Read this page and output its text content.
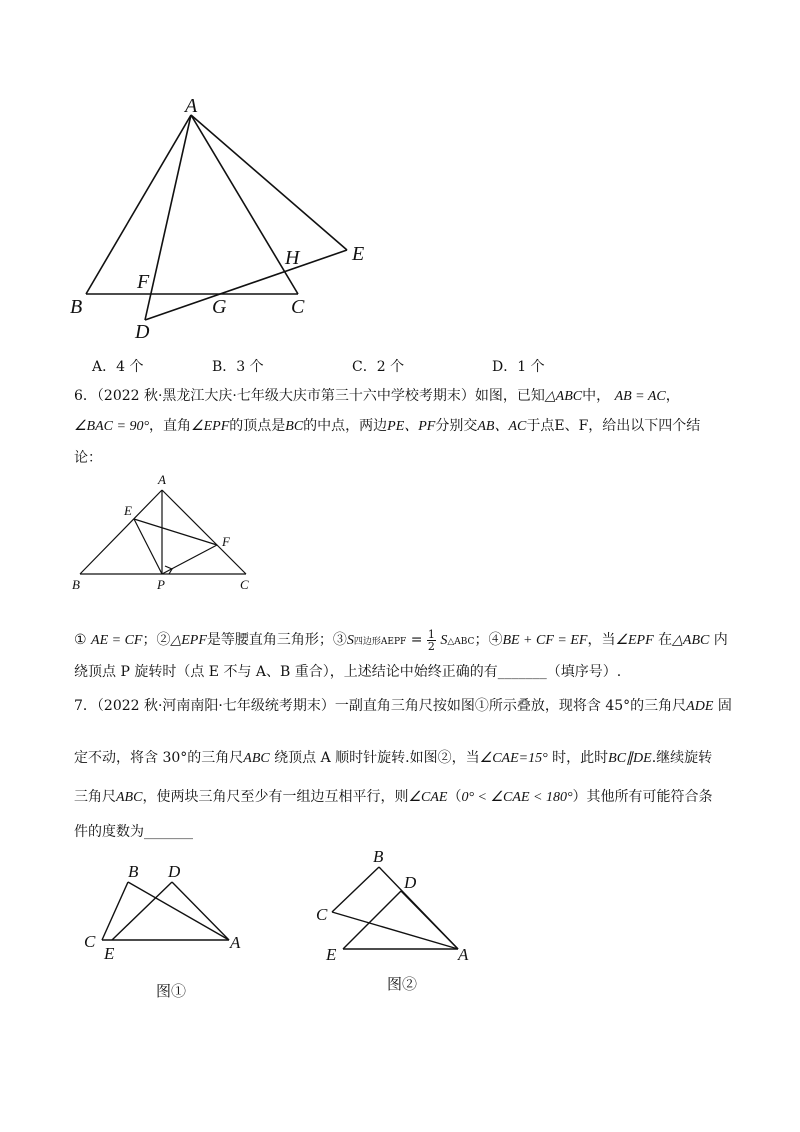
A
B	C
D
E
F
G
H
A．4 个	B．3 个	C．2 个	D．1 个
6．（2022 秋·黑龙江大庆·七年级大庆市第三十六中学校考期末）如图，已知△ABC中， AB = AC，
∠BAC = 90°，直角∠EPF的顶点是BC的中点，两边PE、PF分别交AB、AC于点E、F，给出以下四个结
论：
A
B	C
E
F
P
① AE = CF；②△EPF是等腰直角三角形；③S四边形AEPF = $\frac{1}{2}$ S△ABC；④BE + CF = EF，当∠EPF 在△ABC 内
绕顶点 P 旋转时（点 E 不与 A、B 重合），上述结论中始终正确的有_______（填序号）.
7．（2022 秋·河南南阳·七年级统考期末）一副直角三角尺按如图①所示叠放，现将含 45°的三角尺ADE 固
定不动，将含 30°的三角尺ABC 绕顶点 A 顺时针旋转.如图②，当∠CAE=15° 时，此时BC∥DE.继续旋转
三角尺ABC，使两块三角尺至少有一组边互相平行，则∠CAE（0° < ∠CAE < 180°）其他所有可能符合条
件的度数为_______
B D
C
E
A
图①
B
D
C
E	A
图②
